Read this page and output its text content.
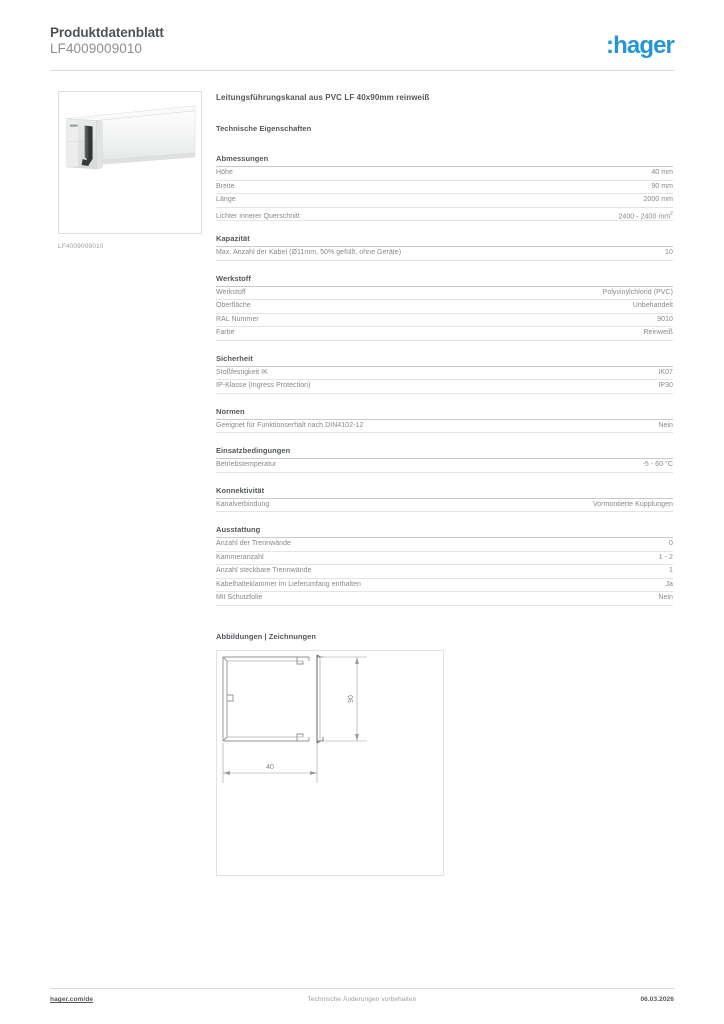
Produktdatenblatt
LF4009009010	:hager
LF4009009010
Leitungsführungskanal aus PVC LF 40x90mm reinweiß
Technische Eigenschaften
Abmessungen
Höhe	40 mm
Breite	90 mm
Länge	2000 mm
Lichter innerer Querschnitt	2400 - 2400 $mm^2$
Kapazität
Max. Anzahl der Kabel (Ø11mm, 50% gefüllt, ohne Geräte)	10
Werkstoff
Werkstoff	Polyvinylchlorid (PVC)
Oberfläche	Unbehandelt
RAL Nummer	9010
Farbe	Reinweiß
Sicherheit
Stoßfestigkeit IK	IK07
IP-Klasse (Ingress Protection)	IP30
Normen
Geeignet für Funktionserhalt nach DIN4102-12	Nein
Einsatzbedingungen
Betriebstemperatur	-5 - 60 °C
Konnektivität
Kanalverbindung	Vormontierte Kupplungen
Ausstattung
Anzahl der Trennwände	0
Kammeranzahl	1 - 2
Anzahl steckbare Trennwände	1
Kabelhalteklammer im Lieferumfang enthalten	Ja
Mit Schutzfolie	Nein
Abbildungen | Zeichnungen
40
90
hager.com/de	Technische Änderungen vorbehalten	06.03.2026
